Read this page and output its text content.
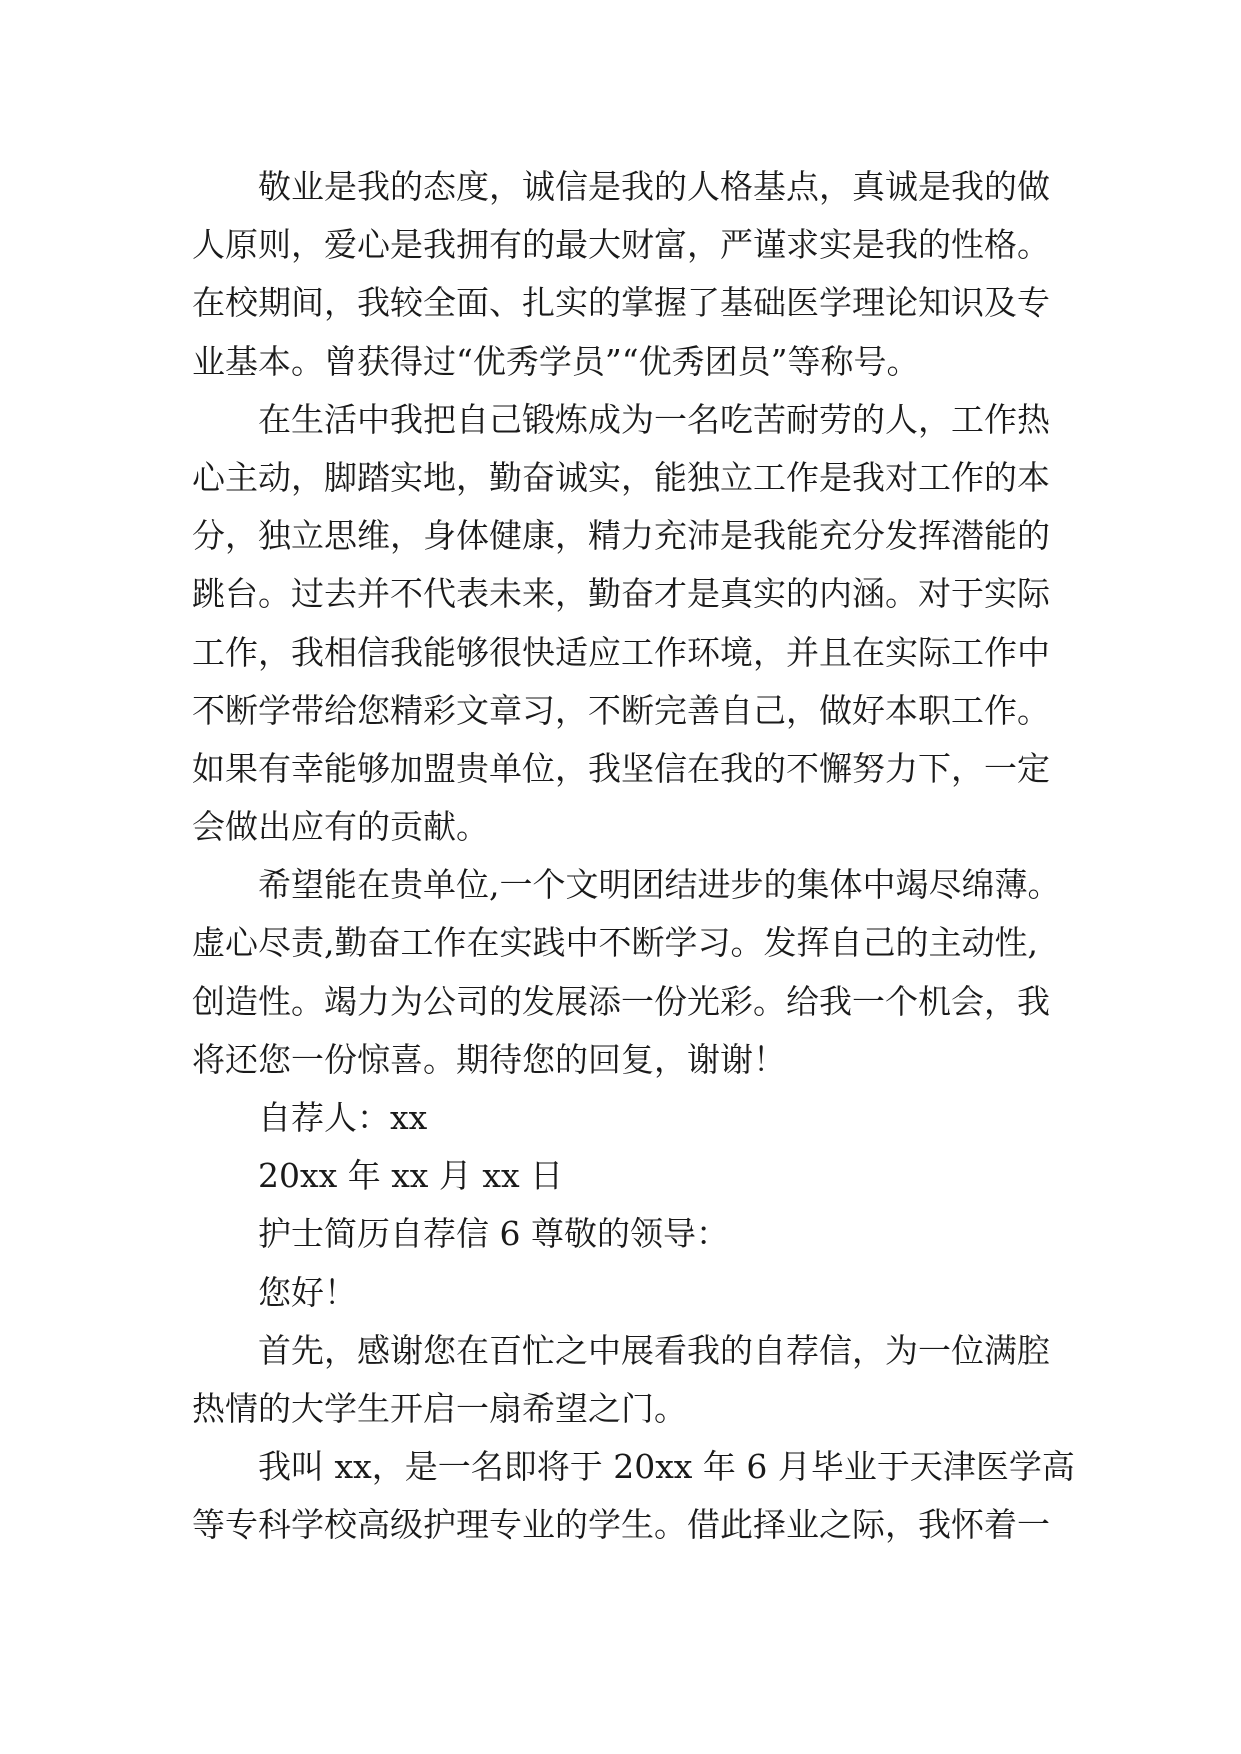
敬业是我的态度，诚信是我的人格基点，真诚是我的做
人原则，爱心是我拥有的最大财富，严谨求实是我的性格。
在校期间，我较全面、扎实的掌握了基础医学理论知识及专
业基本。曾获得过“优秀学员”“优秀团员”等称号。
在生活中我把自己锻炼成为一名吃苦耐劳的人，工作热
心主动，脚踏实地，勤奋诚实，能独立工作是我对工作的本
分，独立思维，身体健康，精力充沛是我能充分发挥潜能的
跳台。过去并不代表未来，勤奋才是真实的内涵。对于实际
工作，我相信我能够很快适应工作环境，并且在实际工作中
不断学带给您精彩文章习，不断完善自己，做好本职工作。
如果有幸能够加盟贵单位，我坚信在我的不懈努力下，一定
会做出应有的贡献。
希望能在贵单位,一个文明团结进步的集体中竭尽绵薄。
虚心尽责,勤奋工作在实践中不断学习。发挥自己的主动性,
创造性。竭力为公司的发展添一份光彩。给我一个机会，我
将还您一份惊喜。期待您的回复，谢谢！
自荐人：xx
20xx 年 xx 月 xx 日
护士简历自荐信 6 尊敬的领导：
您好！
首先，感谢您在百忙之中展看我的自荐信，为一位满腔
热情的大学生开启一扇希望之门。
我叫 xx，是一名即将于 20xx 年 6 月毕业于天津医学高
等专科学校高级护理专业的学生。借此择业之际，我怀着一
